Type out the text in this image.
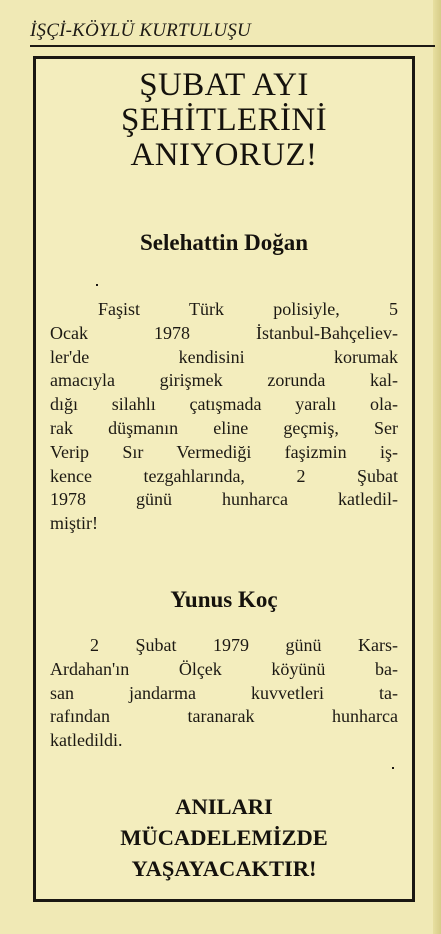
İŞÇİ-KÖYLÜ KURTULUŞU
ŞUBAT AYI
ŞEHİTLERİNİ
ANIYORUZ!
Selehattin Doğan
Faşist Türk polisiyle, 5
Ocak 1978 İstanbul-Bahçeliev-
ler'de kendisini korumak
amacıyla girişmek zorunda kal-
dığı silahlı çatışmada yaralı ola-
rak düşmanın eline geçmiş, Ser
Verip Sır Vermediği faşizmin iş-
kence tezgahlarında, 2 Şubat
1978 günü hunharca katledil-
miştir!
Yunus Koç
2 Şubat 1979 günü Kars-
Ardahan'ın Ölçek köyünü ba-
san jandarma kuvvetleri ta-
rafından taranarak hunharca
katledildi.
ANILARI
MÜCADELEMİZDE
YAŞAYACAKTIR!
